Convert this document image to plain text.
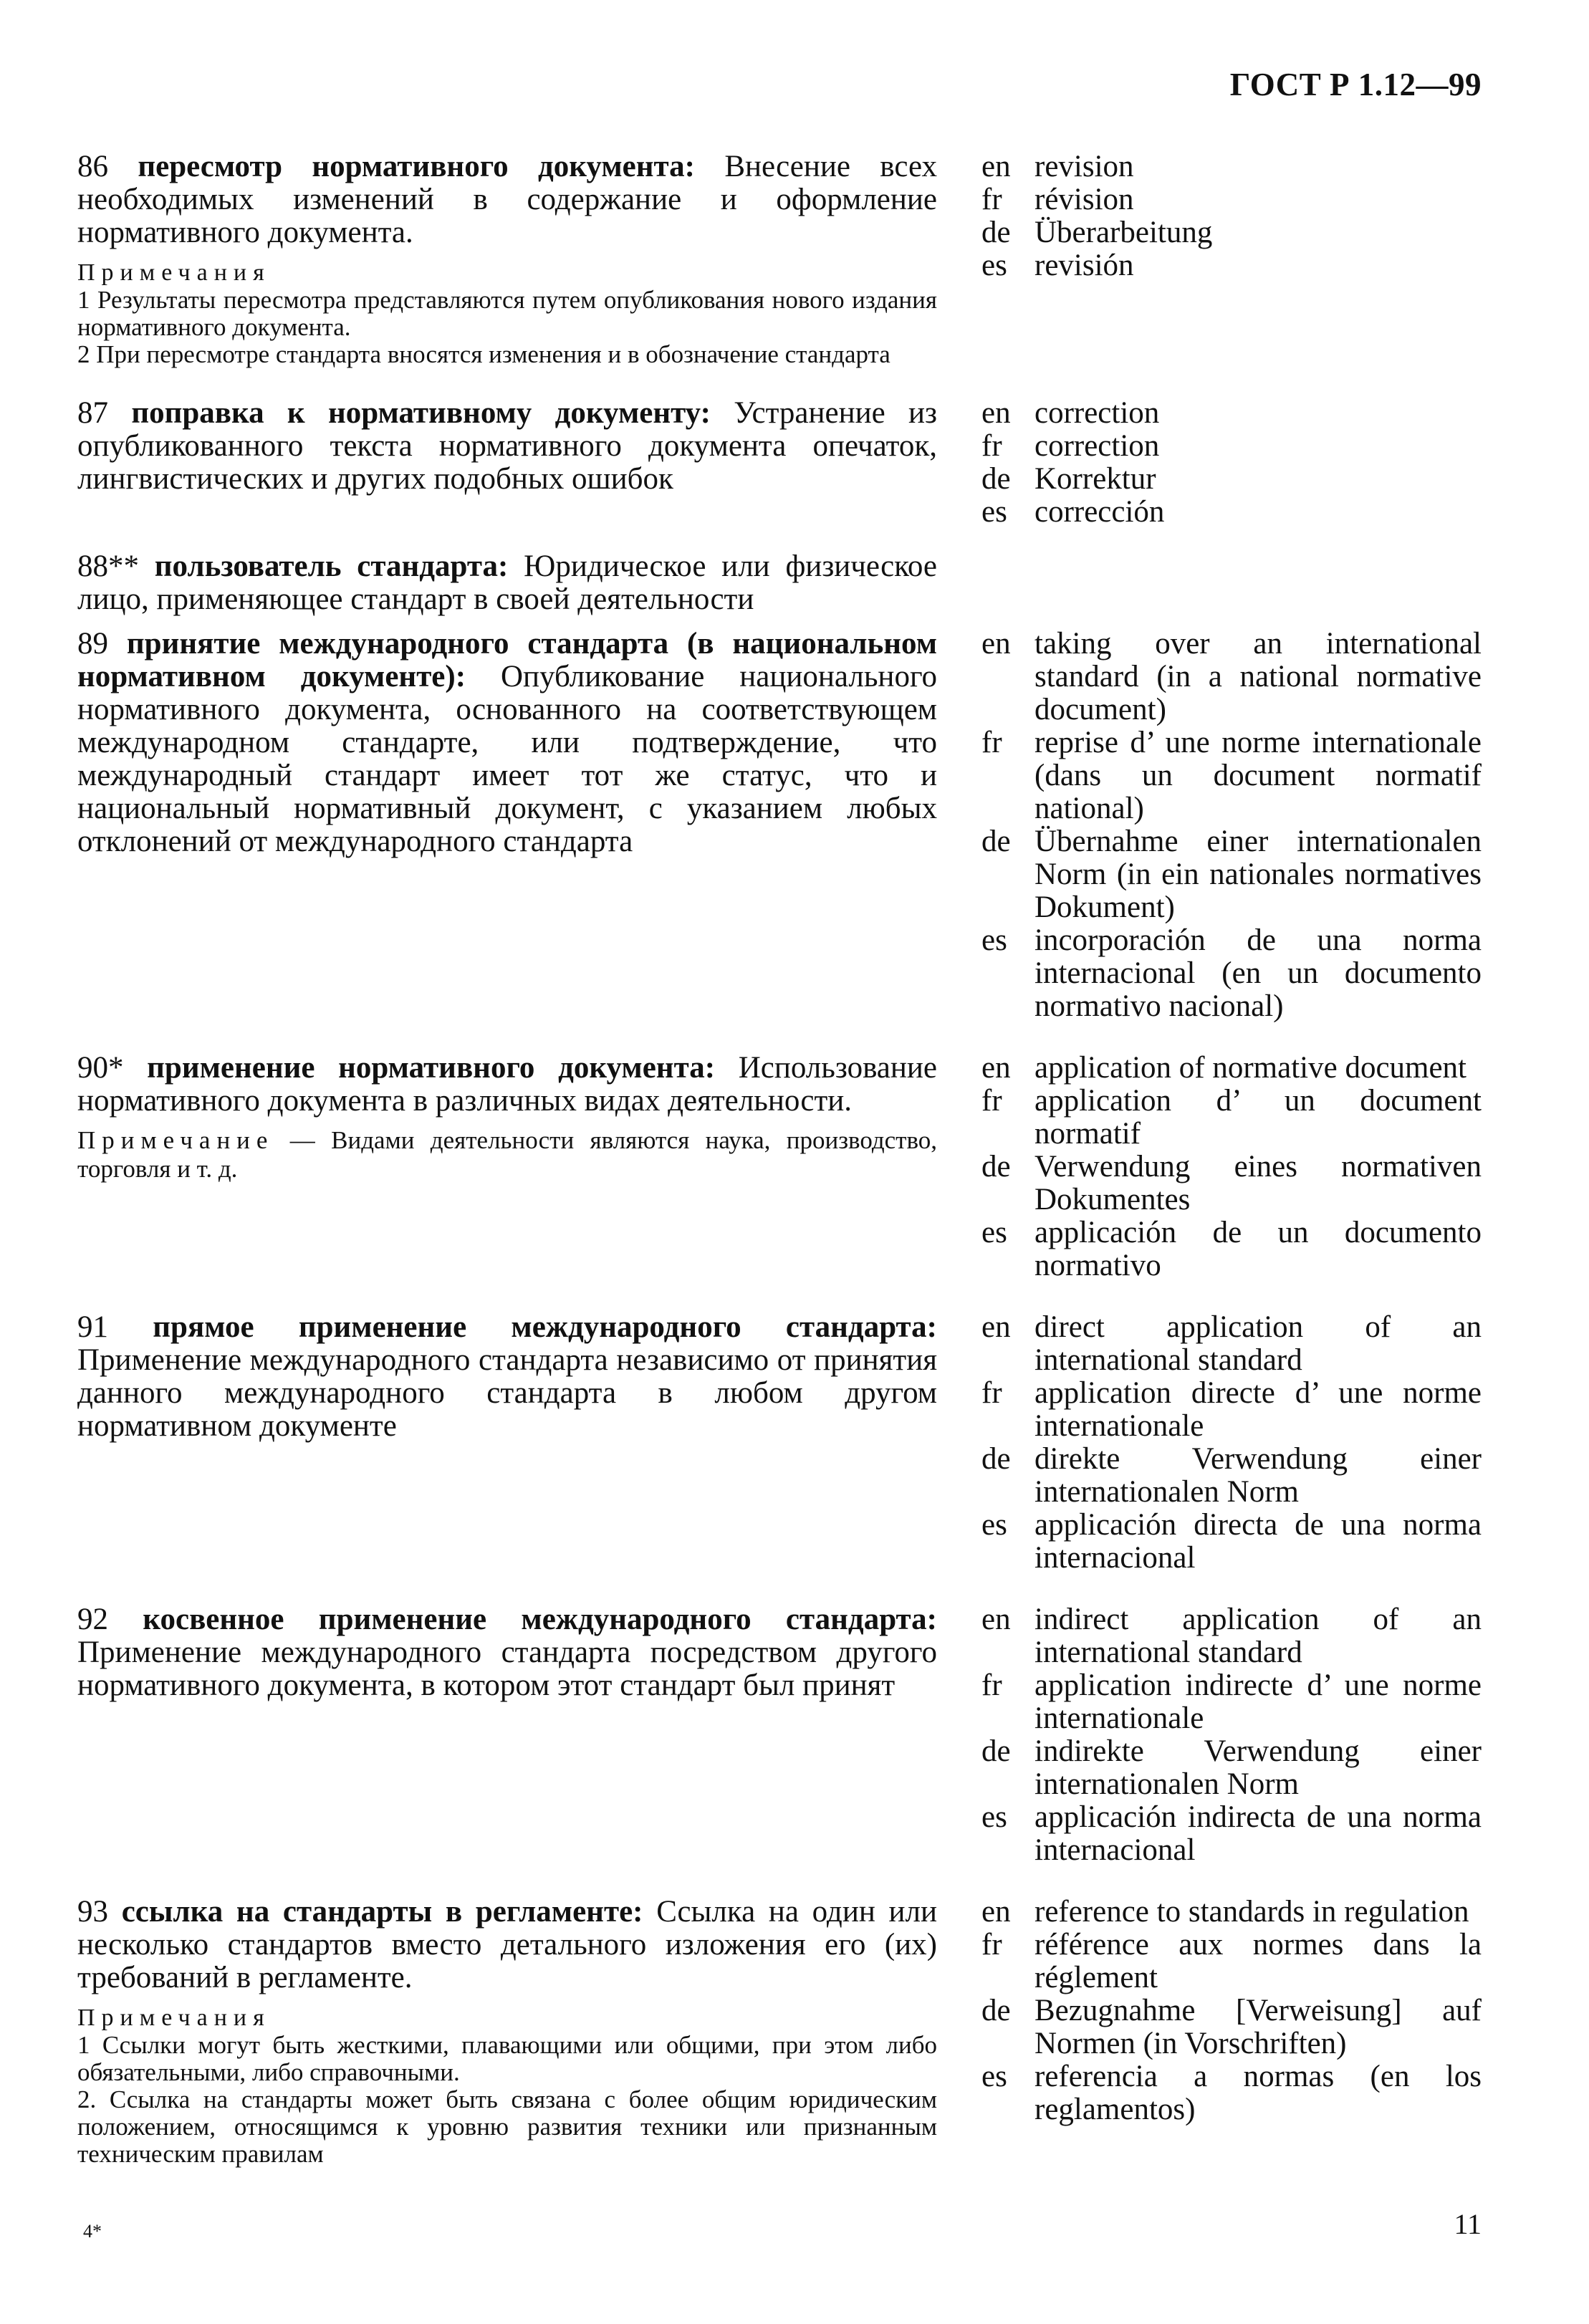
ГОСТ Р 1.12—99
86 пересмотр нормативного документа: Внесение всех необходимых изменений в содержание и оформление нормативного документа.
Примечания
1 Результаты пересмотра представляются путем опубликования нового издания нормативного документа.
2 При пересмотре стандарта вносятся изменения и в обозначение стандарта
en revision
fr	révision
de Überarbeitung
es revisión
87 поправка к нормативному документу: Устранение из опубликованного текста нормативного документа опечаток, лингвистических и других подобных ошибок
en correction
fr	correction
de Korrektur
es corrección
88** пользователь стандарта: Юридическое или физическое лицо, применяющее стандарт в своей деятельности
89 принятие международного стандарта (в национальном нормативном документе): Опубликование национального нормативного документа, основанного на соответствующем международном стандарте, или подтверждение, что международный стандарт имеет тот же статус, что и национальный нормативный документ, с указанием любых отклонений от международного стандарта
en taking over an international standard (in a national normative document)
fr	reprise d’ une norme internationale (dans un document normatif national)
de Übernahme einer internationalen Norm (in ein nationales normatives Dokument)
es incorporación de una norma internacional (en un documento normativo nacional)
90* применение нормативного документа: Использование нормативного документа в различных видах деятельности.
Примечание — Видами деятельности являются наука, производство, торговля и т. д.
en application of normative document
fr	application d’ un document normatif
de Verwendung eines normativen Dokumentes
es applicación de un documento normativo
91 прямое применение международного стандарта: Применение международного стандарта независимо от принятия данного международного стандарта в любом другом нормативном документе
en direct application of an international standard
fr	application directe d’ une norme internationale
de direkte Verwendung einer internationalen Norm
es applicación directa de una norma internacional
92 косвенное применение международного стандарта: Применение международного стандарта посредством другого нормативного документа, в котором этот стандарт был принят
en indirect application of an international standard
fr	application indirecte d’ une norme internationale
de indirekte Verwendung einer internationalen Norm
es applicación indirecta de una norma internacional
93 ссылка на стандарты в регламенте: Ссылка на один или несколько стандартов вместо детального изложения его (их) требований в регламенте.
Примечания
1 Ссылки могут быть жесткими, плавающими или общими, при этом либо обязательными, либо справочными.
2. Ссылка на стандарты может быть связана с более общим юридическим положением, относящимся к уровню развития техники или признанным техническим правилам
en reference to standards in regulation
fr	référence aux normes dans la réglement
de Bezugnahme [Verweisung] auf Normen (in Vorschriften)
es referencia a normas (en los reglamentos)
4*	11
